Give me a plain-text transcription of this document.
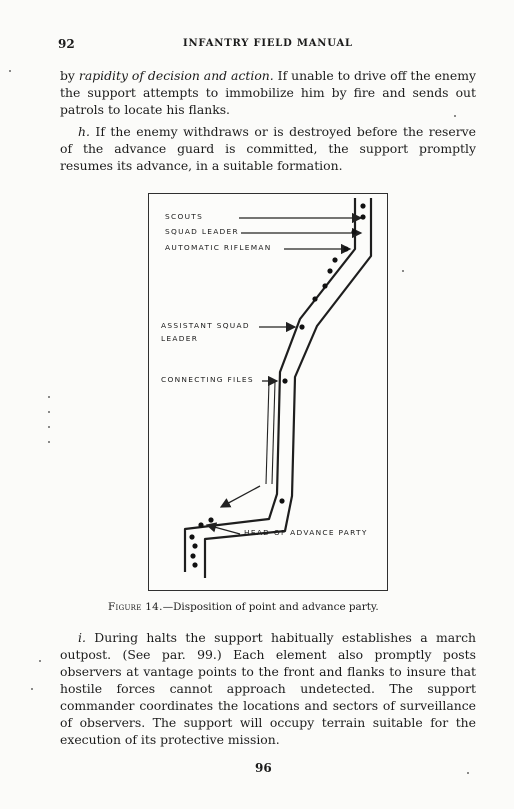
92	INFANTRY FIELD MANUAL

by rapidity of decision and action. If unable to drive off the enemy the support attempts to immobilize him by fire and sends out patrols to locate his flanks.

h. If the enemy withdraws or is destroyed before the reserve of the advance guard is committed, the support promptly resumes its advance, in a suitable formation.

SCOUTS
SQUAD LEADER
AUTOMATIC RIFLEMAN
ASSISTANT SQUAD
LEADER
CONNECTING FILES
HEAD OF ADVANCE PARTY
Figure 14.—Disposition of point and advance party.

i. During halts the support habitually establishes a march outpost. (See par. 99.) Each element also promptly posts observers at vantage points to the front and flanks to insure that hostile forces cannot approach undetected. The support commander coordinates the locations and sectors of surveillance of observers. The support will occupy terrain suitable for the execution of its protective mission.

96
